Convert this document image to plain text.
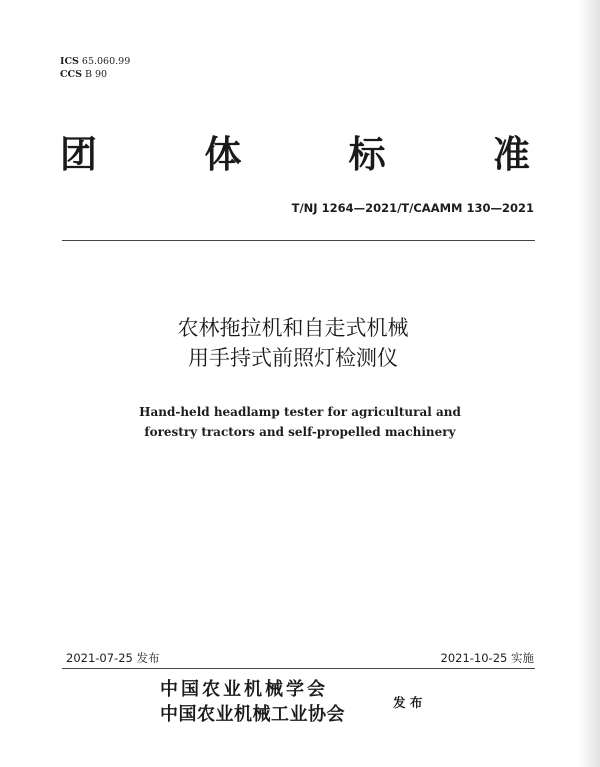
ICS 65.060.99
CCS B 90
团	体	标	准
T/NJ 1264—2021/T/CAAMM 130—2021
农林拖拉机和自走式机械
用手持式前照灯检测仪
Hand-held headlamp tester for agricultural and
forestry tractors and self-propelled machinery
2021-07-25 发布	2021-10-25 实施
中国农业机械学会
中国农业机械工业协会
发 布
